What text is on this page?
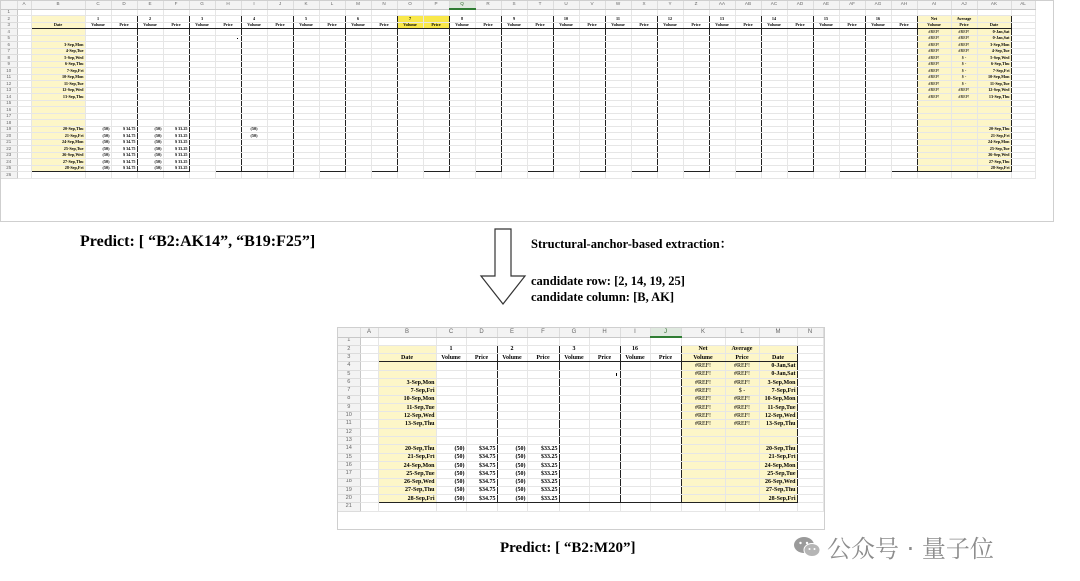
	A	B	C	D	E	F	G	H	I	J	K	L	M	N	O	P	Q	R	S	T	U	V	W	X	Y	Z	AA	AB	AC	AD	AE	AF	AG	AH	AI	AJ	AK	AL
1																																						
2			1		2		3		4		5		6		7		8		9		10		11		12		13		14		15		16		Net	Average		
3		Date	Volume	Price	Volume	Price	Volume	Price	Volume	Price	Volume	Price	Volume	Price	Volume	Price	Volume	Price	Volume	Price	Volume	Price	Volume	Price	Volume	Price	Volume	Price	Volume	Price	Volume	Price	Volume	Price	Volume	Price	Date	
4																																			#REF!	#REF!	0-Jan,Sat	
5																																			#REF!	#REF!	0-Jan,Sat	
6		3-Sep,Mon																																	#REF!	#REF!	3-Sep,Mon	
7		4-Sep,Tue																																	#REF!	#REF!	4-Sep,Tue	
8		5-Sep,Wed																																	#REF!	$ -	5-Sep,Wed	
9		6-Sep,Thu																																	#REF!	$ -	6-Sep,Thu	
10		7-Sep,Fri																																	#REF!	$ -	7-Sep,Fri	
11		10-Sep,Mon																																	#REF!	$ -	10-Sep,Mon	
12		11-Sep,Tue																																	#REF!	$ -	11-Sep,Tue	
13		12-Sep,Wed																																	#REF!	#REF!	12-Sep,Wed	
14		13-Sep,Thu																																	#REF!	#REF!	13-Sep,Thu	
15																																						
16																																						
17																																						
18																																						
19		20-Sep,Thu	(50)	$ 34.75	(50)	$ 33.25			(50)																												20-Sep,Thu	
20		21-Sep,Fri	(50)	$ 34.75	(50)	$ 33.25			(50)																												21-Sep,Fri	
21		24-Sep,Mon	(50)	$ 34.75	(50)	$ 33.25																															24-Sep,Mon	
22		25-Sep,Tue	(50)	$ 34.75	(50)	$ 33.25																															25-Sep,Tue	
23		26-Sep,Wed	(50)	$ 34.75	(50)	$ 33.25																															26-Sep,Wed	
24		27-Sep,Thu	(50)	$ 34.75	(50)	$ 33.25																															27-Sep,Thu	
25		28-Sep,Fri	(50)	$ 34.75	(50)	$ 33.25																															28-Sep,Fri	
26																																						
Predict: [ “B2:AK14”, “B19:F25”]	Structural-anchor-based extraction：
candidate row: [2, 14, 19, 25]
candidate column: [B, AK]
	A	B	C	D	E	F	G	H	I	J	K	L	M	N
1														
2			1		2		3		16		Net	Average		
3		Date	Volume	Price	Volume	Price	Volume	Price	Volume	Price	Volume	Price	Date	
4											#REF!	#REF!	0-Jan,Sat	
5											#REF!	#REF!	0-Jan,Sat	
6		3-Sep,Mon									#REF!	#REF!	3-Sep,Mon	
7		7-Sep,Fri									#REF!	$ -	7-Sep,Fri	
8		10-Sep,Mon									#REF!	#REF!	10-Sep,Mon	
9		11-Sep,Tue									#REF!	#REF!	11-Sep,Tue	
10		12-Sep,Wed									#REF!	#REF!	12-Sep,Wed	
11		13-Sep,Thu									#REF!	#REF!	13-Sep,Thu	
12														
13														
14		20-Sep,Thu	(50)	$34.75	(50)	$33.25							20-Sep,Thu	
15		21-Sep,Fri	(50)	$34.75	(50)	$33.25							21-Sep,Fri	
16		24-Sep,Mon	(50)	$34.75	(50)	$33.25							24-Sep,Mon	
17		25-Sep,Tue	(50)	$34.75	(50)	$33.25							25-Sep,Tue	
18		26-Sep,Wed	(50)	$34.75	(50)	$33.25							26-Sep,Wed	
19		27-Sep,Thu	(50)	$34.75	(50)	$33.25							27-Sep,Thu	
20		28-Sep,Fri	(50)	$34.75	(50)	$33.25							28-Sep,Fri	
21														
Predict: [ “B2:M20”]	公众号 · 量子位
